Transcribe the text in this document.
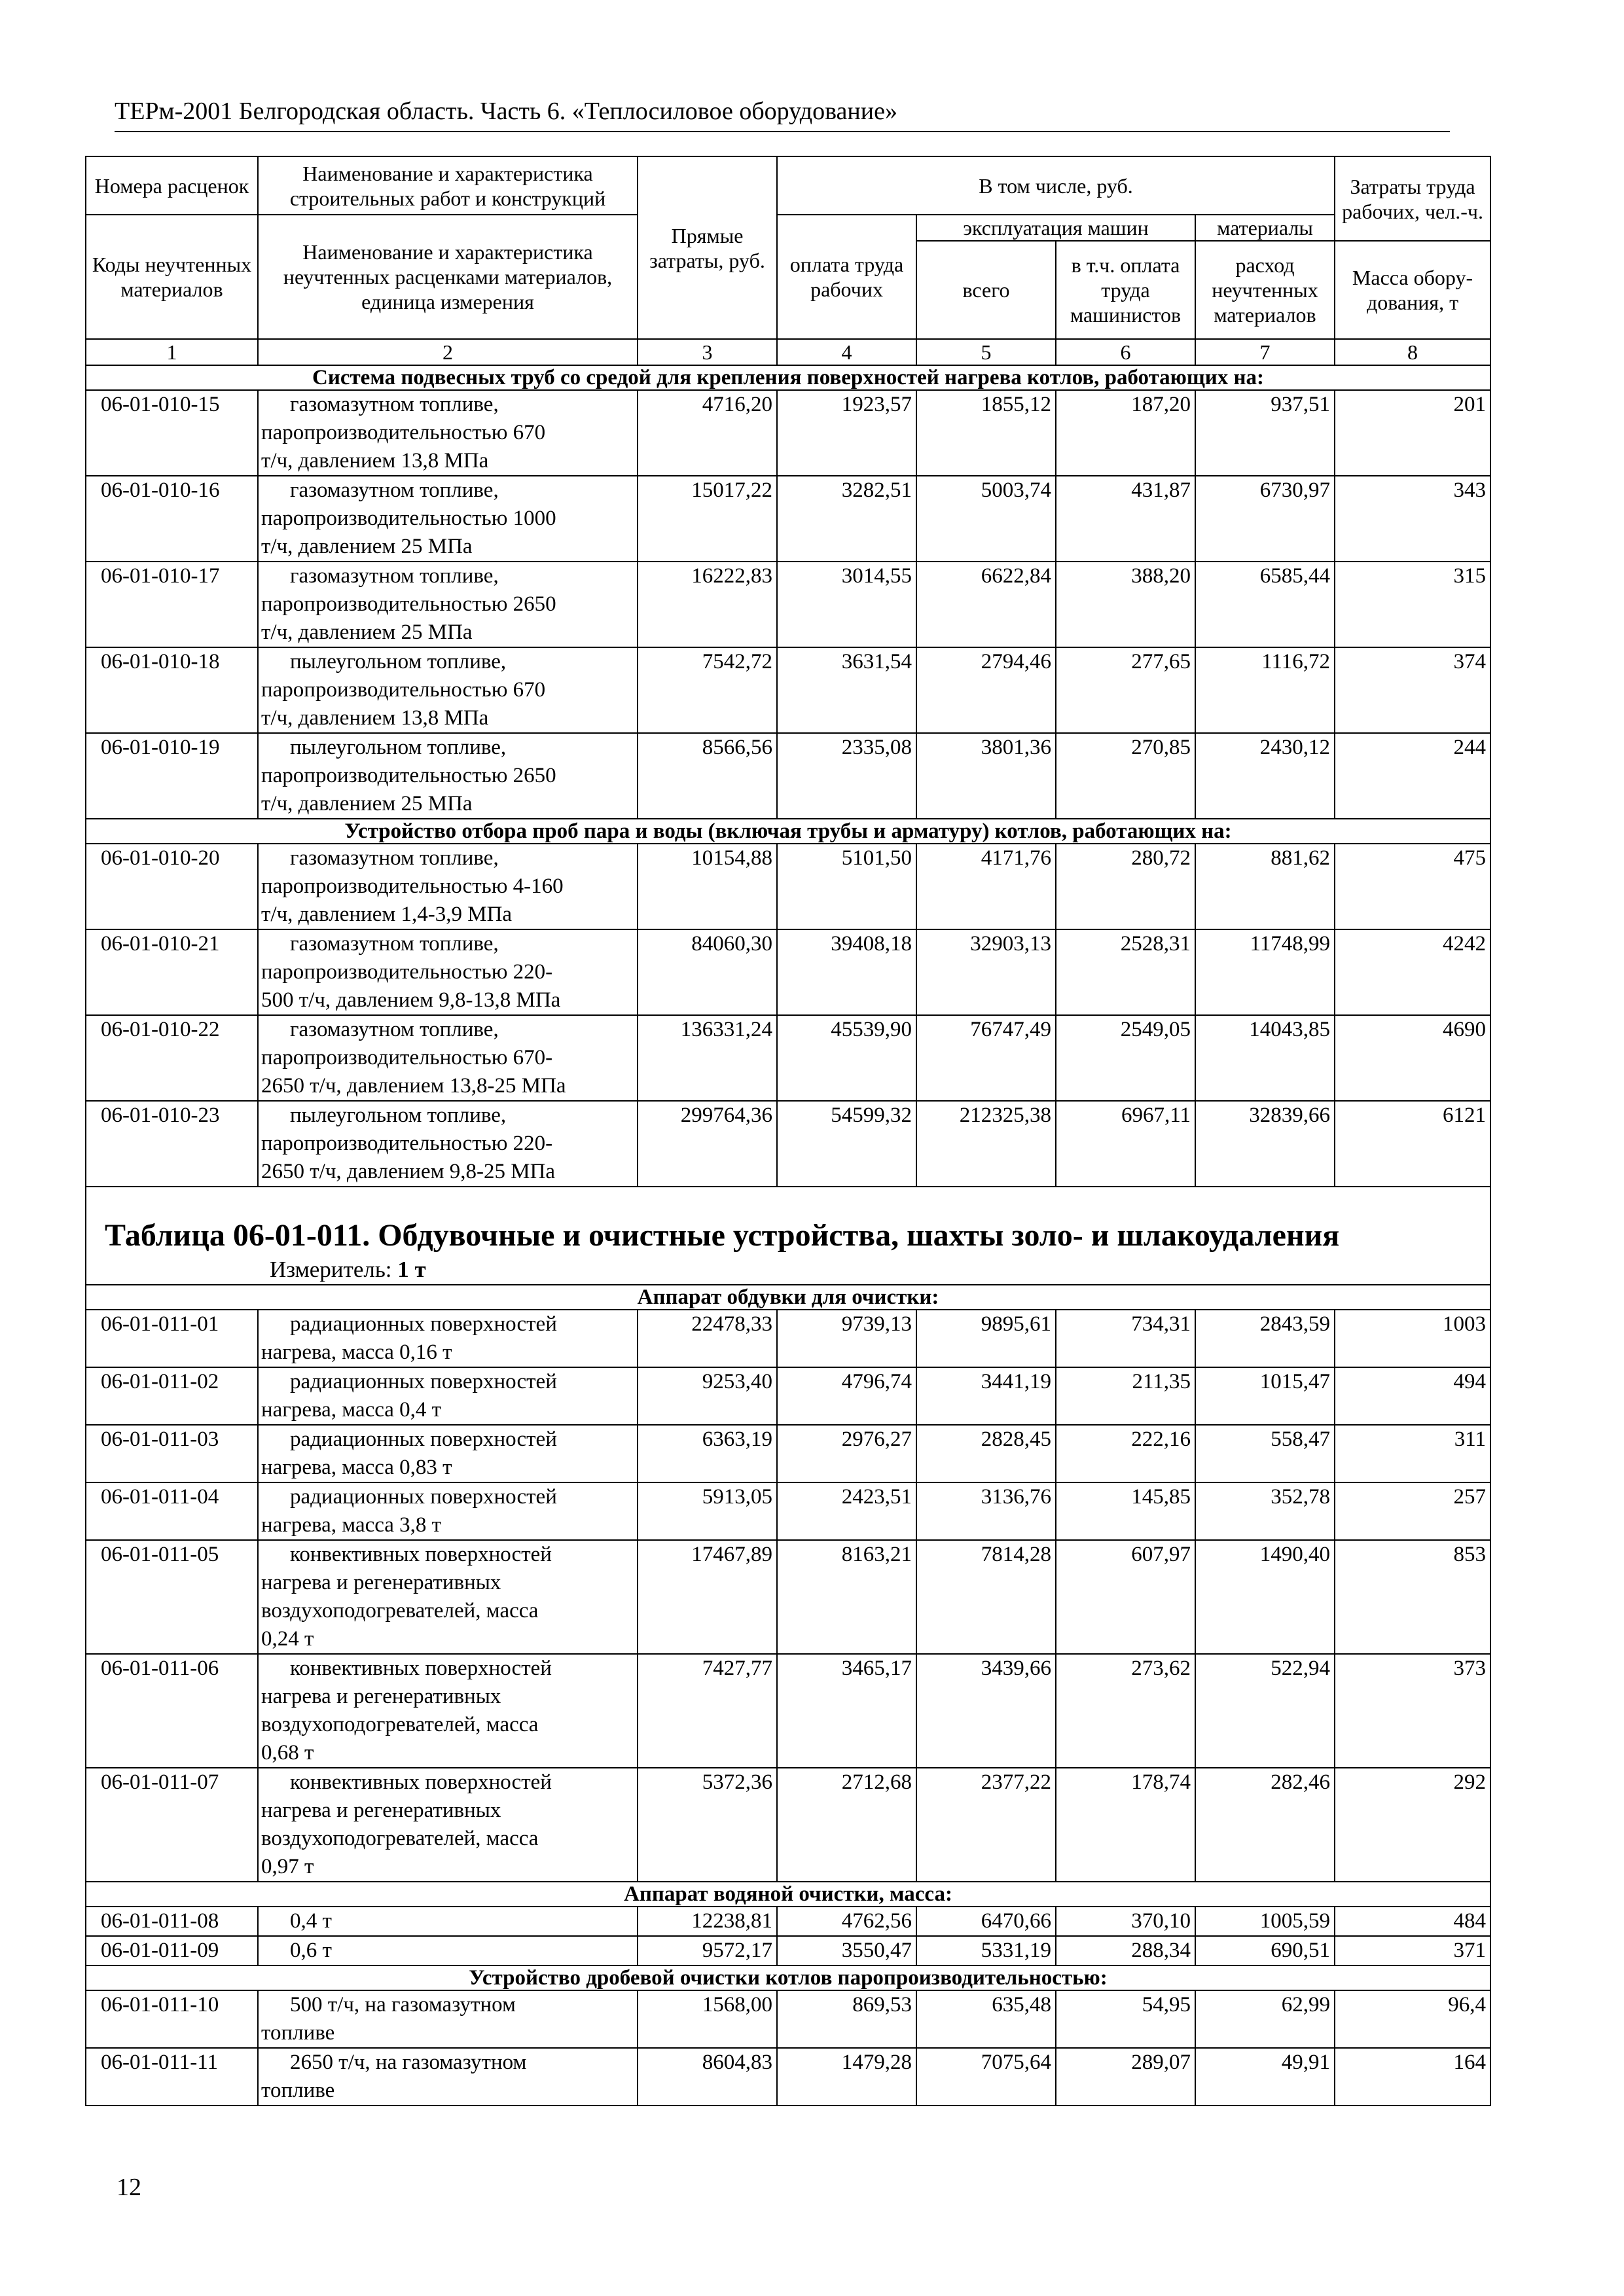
ТЕРм-2001 Белгородская область. Часть 6. «Теплосиловое оборудование»
Номера расценок	Наименование и характеристика строительных работ и конструкций	Прямые затраты, руб.	В том числе, руб.				Затраты труда рабочих, чел.-ч.
Коды неучтенных материалов	Наименование и характеристика неучтенных расценками материалов, единица измерения		оплата труда рабочих	эксплуатация машин		материалы	
				всего	в т.ч. оплата труда машинистов	расход неучтенных материалов	Масса обору-дования, т
1	2	3	4	5	6	7	8
Система подвесных труб со средой для крепления поверхностей нагрева котлов, работающих на:							
06-01-010-15	газомазутном топливе,
паропроизводительностью 670
т/ч, давлением 13,8 МПа	4716,20	1923,57	1855,12	187,20	937,51	201
06-01-010-16	газомазутном топливе,
паропроизводительностью 1000
т/ч, давлением 25 МПа	15017,22	3282,51	5003,74	431,87	6730,97	343
06-01-010-17	газомазутном топливе,
паропроизводительностью 2650
т/ч, давлением 25 МПа	16222,83	3014,55	6622,84	388,20	6585,44	315
06-01-010-18	пылеугольном топливе,
паропроизводительностью 670
т/ч, давлением 13,8 МПа	7542,72	3631,54	2794,46	277,65	1116,72	374
06-01-010-19	пылеугольном топливе,
паропроизводительностью 2650
т/ч, давлением 25 МПа	8566,56	2335,08	3801,36	270,85	2430,12	244
Устройство отбора проб пара и воды (включая трубы и арматуру) котлов, работающих на:							
06-01-010-20	газомазутном топливе,
паропроизводительностью 4-160
т/ч, давлением 1,4-3,9 МПа	10154,88	5101,50	4171,76	280,72	881,62	475
06-01-010-21	газомазутном топливе,
паропроизводительностью 220-
500 т/ч, давлением 9,8-13,8 МПа	84060,30	39408,18	32903,13	2528,31	11748,99	4242
06-01-010-22	газомазутном топливе,
паропроизводительностью 670-
2650 т/ч, давлением 13,8-25 МПа	136331,24	45539,90	76747,49	2549,05	14043,85	4690
06-01-010-23	пылеугольном топливе,
паропроизводительностью 220-
2650 т/ч, давлением 9,8-25 МПа	299764,36	54599,32	212325,38	6967,11	32839,66	6121
Таблица 06-01-011. Обдувочные и очистные устройства, шахты золо- и шлакоудаления							
Измеритель: 1 т							
Аппарат обдувки для очистки:							
06-01-011-01	радиационных поверхностей
нагрева, масса 0,16 т	22478,33	9739,13	9895,61	734,31	2843,59	1003
06-01-011-02	радиационных поверхностей
нагрева, масса 0,4 т	9253,40	4796,74	3441,19	211,35	1015,47	494
06-01-011-03	радиационных поверхностей
нагрева, масса 0,83 т	6363,19	2976,27	2828,45	222,16	558,47	311
06-01-011-04	радиационных поверхностей
нагрева, масса 3,8 т	5913,05	2423,51	3136,76	145,85	352,78	257
06-01-011-05	конвективных поверхностей
нагрева и регенеративных
воздухоподогревателей, масса
0,24 т	17467,89	8163,21	7814,28	607,97	1490,40	853
06-01-011-06	конвективных поверхностей
нагрева и регенеративных
воздухоподогревателей, масса
0,68 т	7427,77	3465,17	3439,66	273,62	522,94	373
06-01-011-07	конвективных поверхностей
нагрева и регенеративных
воздухоподогревателей, масса
0,97 т	5372,36	2712,68	2377,22	178,74	282,46	292
Аппарат водяной очистки, масса:							
06-01-011-08	0,4 т	12238,81	4762,56	6470,66	370,10	1005,59	484
06-01-011-09	0,6 т	9572,17	3550,47	5331,19	288,34	690,51	371
Устройство дробевой очистки котлов паропроизводительностью:							
06-01-011-10	500 т/ч, на газомазутном
топливе	1568,00	869,53	635,48	54,95	62,99	96,4
06-01-011-11	2650 т/ч, на газомазутном
топливе	8604,83	1479,28	7075,64	289,07	49,91	164
12
